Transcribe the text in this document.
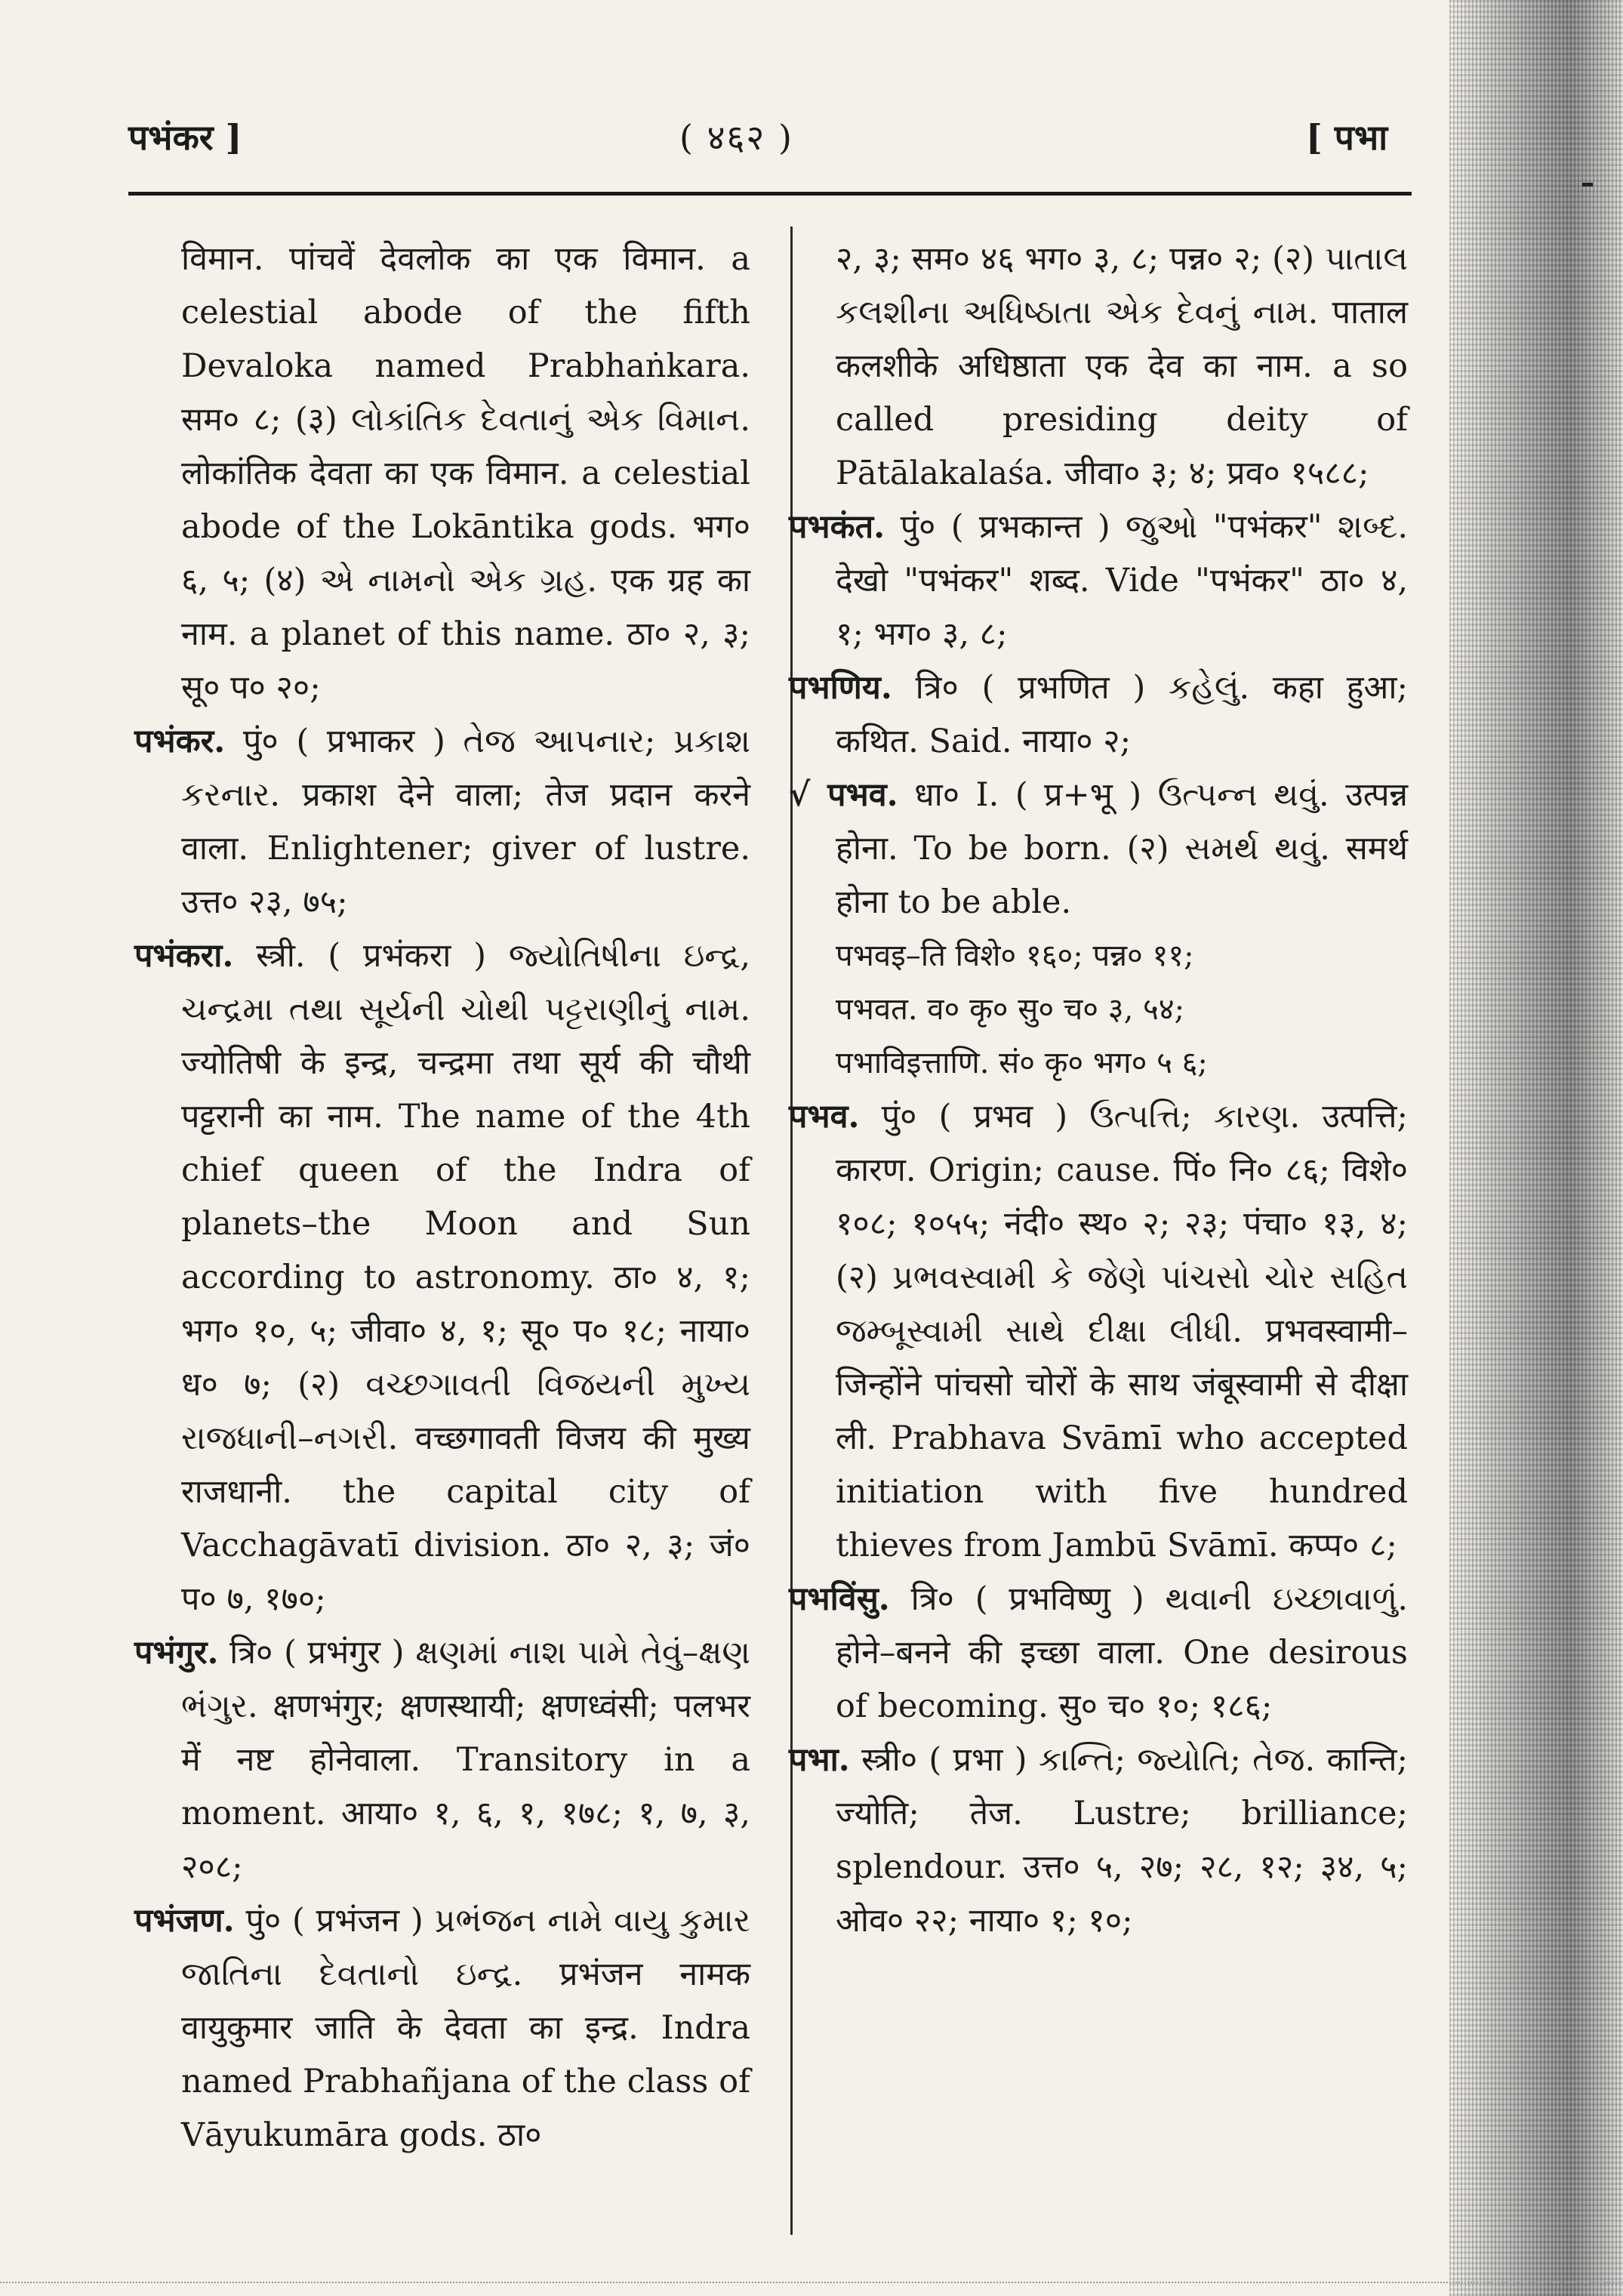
पभंकर ]	( ४६२ )	[ पभा

विमान. पांचवें देवलोक का एक विमान. a celestial abode of the fifth Devaloka named Prabhaṅkara. सम० ८; (३) લોકાંતિક દેવતાનું એક વિમાન. लोकांतिक देवता का एक विमान. a celestial abode of the Lokāntika gods. भग० ६, ५; (४) એ નામનો એક ગ્રહ. एक ग्रह का नाम. a planet of this name. ठा० २, ३; सू० प० २०;

पभंकर. पुं० ( प्रभाकर ) તેજ આપનાર; પ્રકાશ કરનાર. प्रकाश देने वाला; तेज प्रदान करने वाला. Enlightener; giver of lustre. उत्त० २३, ७५;

पभंकरा. स्त्री. ( प्रभंकरा ) જ્યોતિષીના ઇન્દ્ર, ચન્દ્રમા તથા સૂર્યની ચોથી પટ્ટરાણીનું નામ. ज्योतिषी के इन्द्र, चन्द्रमा तथा सूर्य की चौथी पट्टरानी का नाम. The name of the 4th chief queen of the Indra of planets–the Moon and Sun according to astronomy. ठा० ४, १; भग० १०, ५; जीवा० ४, १; सू० प० १८; नाया० ध० ७; (२) વચ્છગાવતી વિજયની મુખ્ય રાજધાની–નગરી. वच्छगावती विजय की मुख्य राजधानी. the capital city of Vacchagāvatī division. ठा० २, ३; जं० प० ७, १७०;

पभंगुर. त्रि० ( प्रभंगुर ) ક્ષણમાં નાશ પામે તેવું–ક્ષણ ભંગુર. क्षणभंगुर; क्षणस्थायी; क्षणध्वंसी; पलभर में नष्ट होनेवाला. Transitory in a moment. आया० १, ६, १, १७८; १, ७, ३, २०८;

पभंजण. पुं० ( प्रभंजन ) પ્રભંજન નામે વાયુ કુમાર જાતિના દેવતાનો ઇન્દ્ર. प्रभंजन नामक वायुकुमार जाति के देवता का इन्द्र. Indra named Prabhañjana of the class of Vāyukumāra gods. ठा०

२, ३; सम० ४६ भग० ३, ८; पन्न० २; (२) પાતાલ કલશીના અધિષ્ઠાતા એક દેવનું નામ. पाताल कलशीके अधिष्ठाता एक देव का नाम. a so called presiding deity of Pātālakalaśa. जीवा० ३; ४; प्रव० १५८८;

पभकंत. पुं० ( प्रभकान्त ) જુઓ "पभंकर" શબ્દ. देखो "पभंकर" शब्द. Vide "पभंकर" ठा० ४, १; भग० ३, ८;

पभणिय. त्रि० ( प्रभणित ) કહેલું. कहा हुआ; कथित. Said. नाया० २;

√ पभव. धा० I. ( प्र+भू ) ઉત્પન્ન થવું. उत्पन्न होना. To be born. (२) સમર્થ થવું. समर्थ होना to be able.

पभवइ–ति विशे० १६०; पन्न० ११;

पभवत. व० कृ० सु० च० ३, ५४;

पभाविइत्ताणि. सं० कृ० भग० ५ ६;

पभव. पुं० ( प्रभव ) ઉત્પત્તિ; કારણ. उत्पत्ति; कारण. Origin; cause. पिं० नि० ८६; विशे० १०८; १०५५; नंदी० स्थ० २; २३; पंचा० १३, ४; (२) પ્રભવસ્વામી કે જેણે પાંચસો ચોર સહિત જમ્બૂસ્વામી સાથે દીક્ષા લીધી. प्रभवस्वामी–जिन्होंने पांचसो चोरों के साथ जंबूस्वामी से दीक्षा ली. Prabhava Svāmī who accepted initiation with five hundred thieves from Jambū Svāmī. कप्प० ८;

पभविंसु. त्रि० ( प्रभविष्णु ) થવાની ઇચ્છાવાળું. होने–बनने की इच्छा वाला. One desirous of becoming. सु० च० १०; १८६;

पभा. स्त्री० ( प्रभा ) કાન્તિ; જ્યોતિ; તેજ. कान्ति; ज्योति; तेज. Lustre; brilliance; splendour. उत्त० ५, २७; २८, १२; ३४, ५; ओव० २२; नाया० १; १०;
